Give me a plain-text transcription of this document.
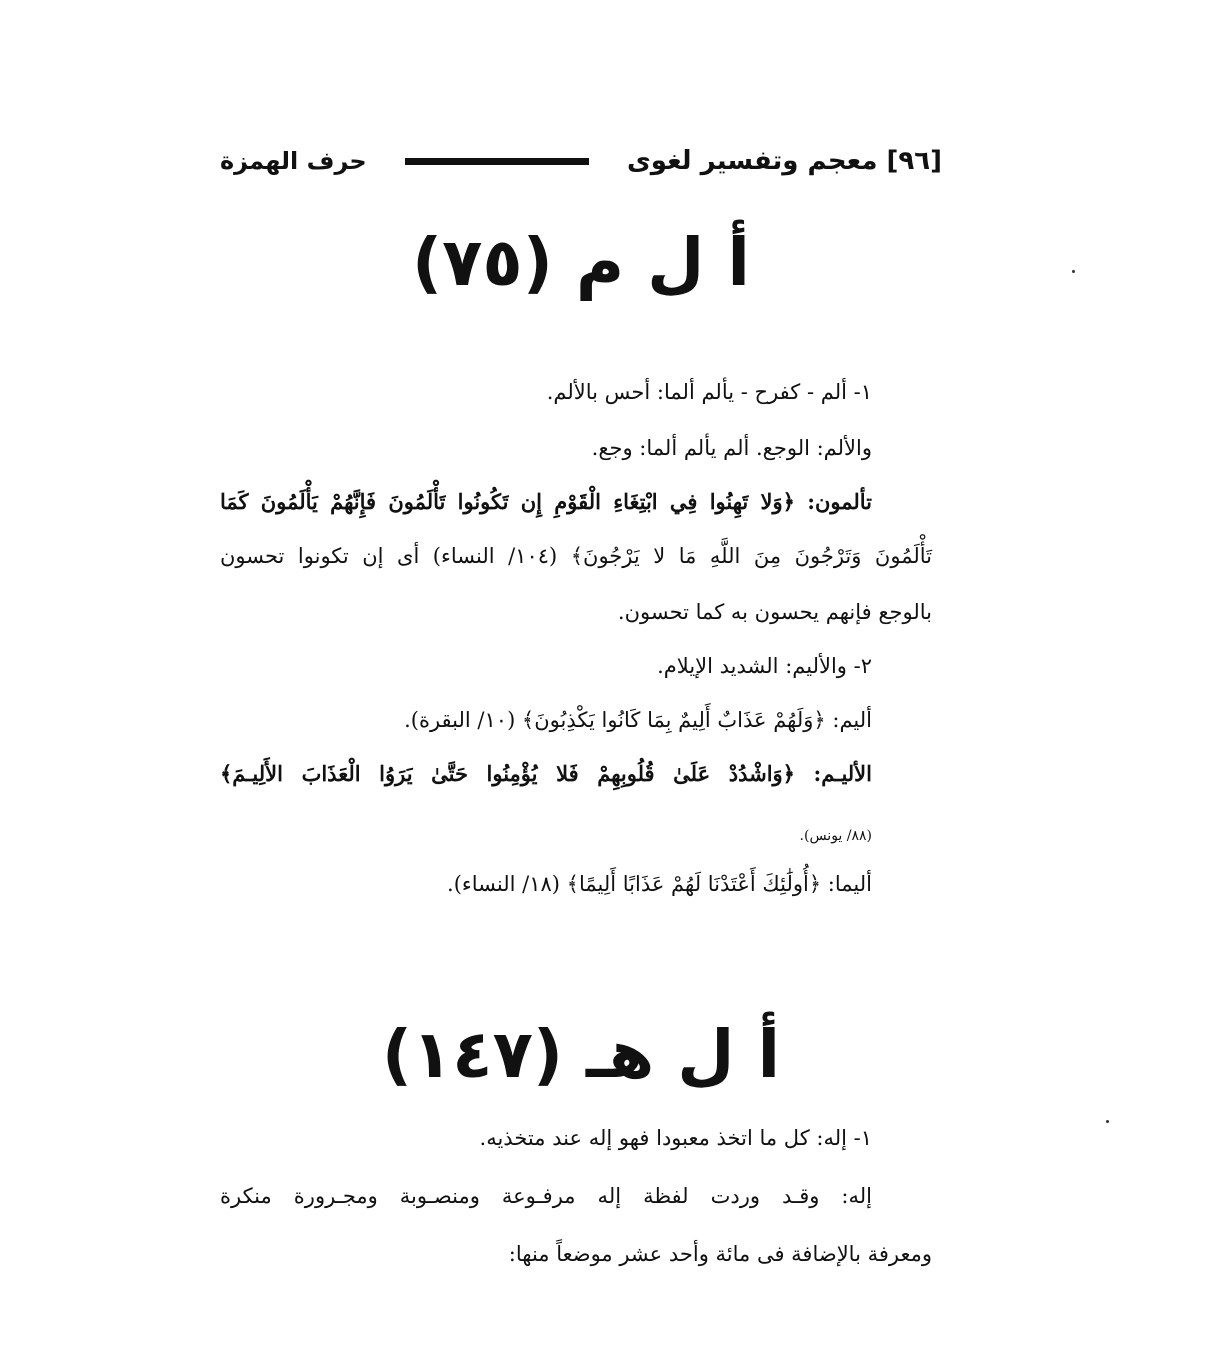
[٩٦] معجم وتفسير لغوى
حرف الهمزة
أ ل م (٧٥)
١- ألم - كفرح - يألم ألما: أحس بالألم.
والألم: الوجع. ألم يألم ألما: وجع.
تألمون: ﴿وَلا تَهِنُوا فِي ابْتِغَاءِ الْقَوْمِ إِن تَكُونُوا تَأْلَمُونَ فَإِنَّهُمْ يَأْلَمُونَ كَمَا
تَأْلَمُونَ وَتَرْجُونَ مِنَ اللَّهِ مَا لا يَرْجُونَ﴾ (١٠٤/ النساء) أى إن تكونوا تحسون
بالوجع فإنهم يحسون به كما تحسون.
٢- والأليم: الشديد الإيلام.
أليم: ﴿وَلَهُمْ عَذَابٌ أَلِيمٌ بِمَا كَانُوا يَكْذِبُونَ﴾ (١٠/ البقرة).
الأليـم: ﴿وَاشْدُدْ عَلَىٰ قُلُوبِهِمْ فَلا يُؤْمِنُوا حَتَّىٰ يَرَوُا الْعَذَابَ الأَلِيـمَ﴾
(٨٨/ يونس).
أليما: ﴿أُولَٰئِكَ أَعْتَدْنَا لَهُمْ عَذَابًا أَلِيمًا﴾ (١٨/ النساء).
أ ل هـ (١٤٧)
١- إله: كل ما اتخذ معبودا فهو إله عند متخذيه.
إله: وقـد وردت لفظة إله مرفـوعة ومنصـوبة ومجـرورة منكرة
ومعرفة بالإضافة فى مائة وأحد عشر موضعاً منها:
